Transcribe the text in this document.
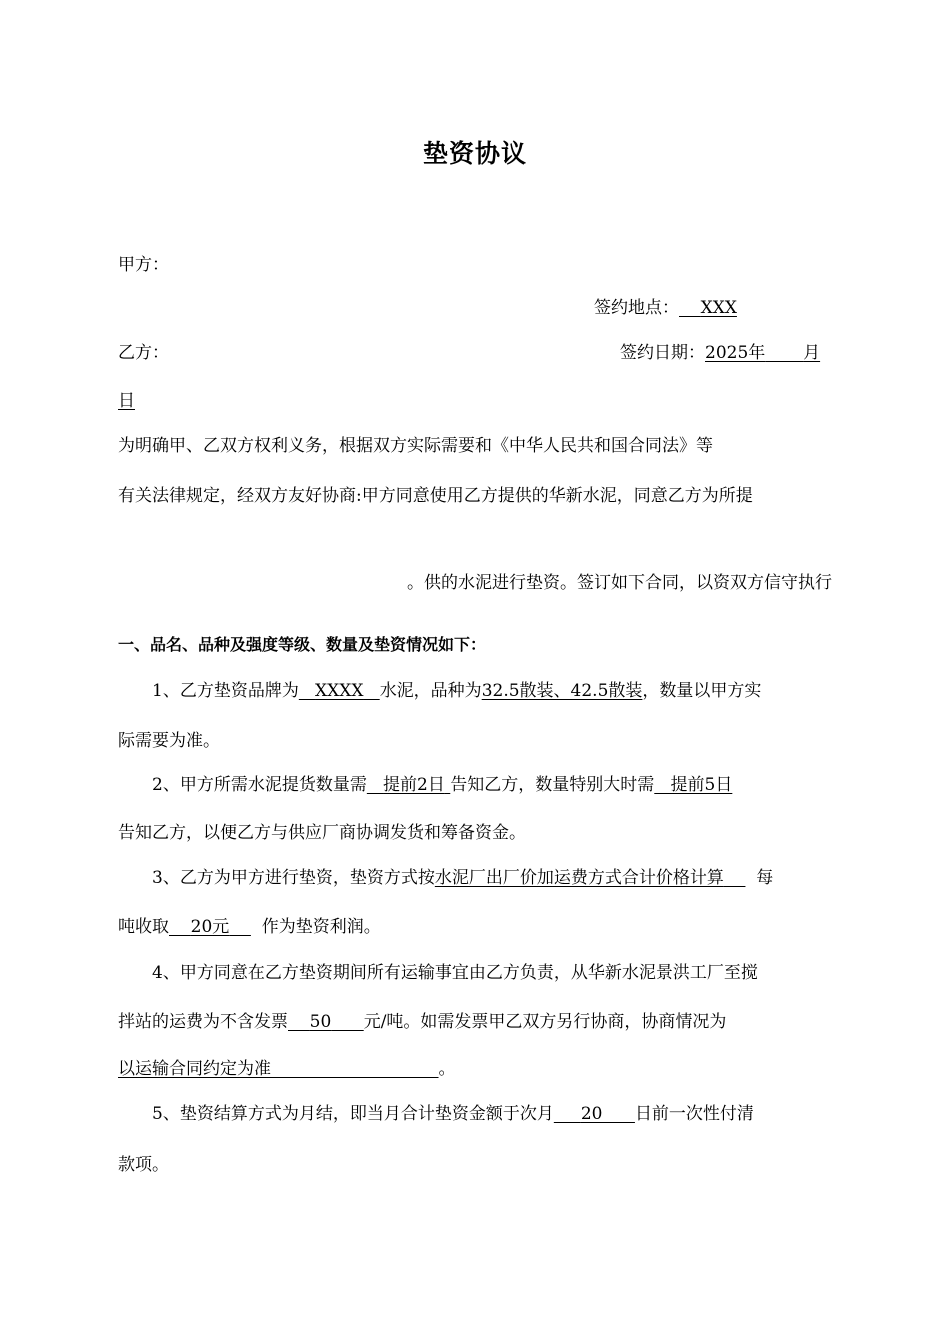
垫资协议
甲方：
签约地点： XXX
乙方：	签约日期：2025年 月
日
为明确甲、乙双方权利义务，根据双方实际需要和《中华人民共和国合同法》等
有关法律规定，经双方友好协商:甲方同意使用乙方提供的华新水泥，同意乙方为所提
。供的水泥进行垫资。签订如下合同，以资双方信守执行
一、品名、品种及强度等级、数量及垫资情况如下：
1、乙方垫资品牌为 XXXX 水泥，品种为32.5散装、42.5散装，数量以甲方实
际需要为准。
2、甲方所需水泥提货数量需 提前2日 告知乙方，数量特别大时需 提前5日
告知乙方，以便乙方与供应厂商协调发货和筹备资金。
3、乙方为甲方进行垫资，垫资方式按水泥厂出厂价加运费方式合计价格计算 每
吨收取 20元 作为垫资利润。
4、甲方同意在乙方垫资期间所有运输事宜由乙方负责，从华新水泥景洪工厂至搅
拌站的运费为不含发票 50 元/吨。如需发票甲乙双方另行协商，协商情况为
以运输合同约定为准	。
5、垫资结算方式为月结，即当月合计垫资金额于次月 20 日前一次性付清
款项。
